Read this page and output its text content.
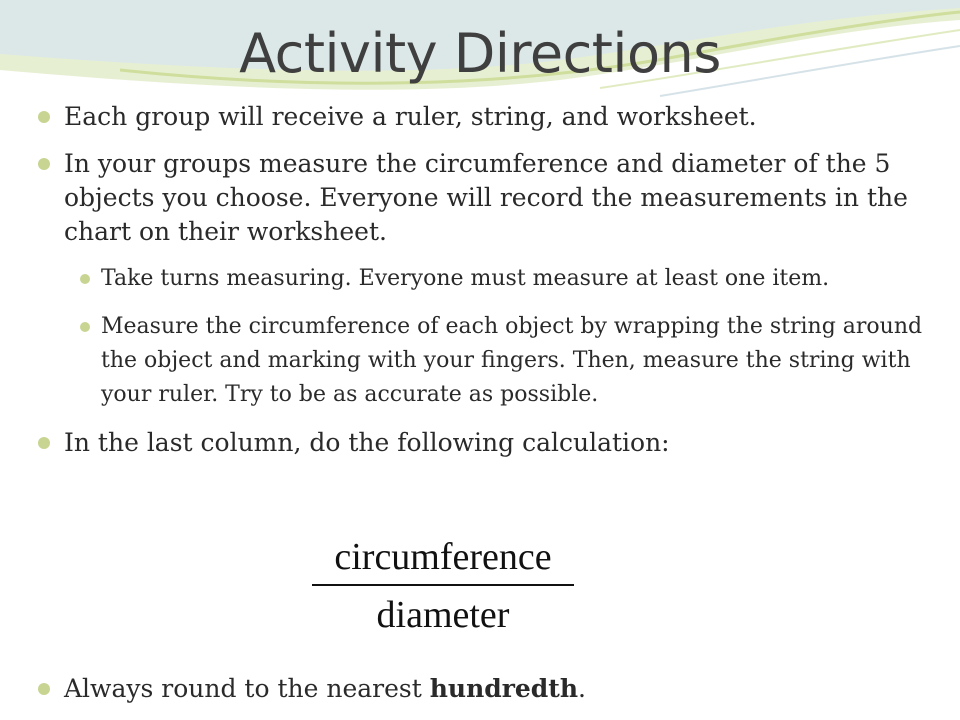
Activity Directions
Each group will receive a ruler, string, and worksheet.
In your groups measure the circumference and diameter of the 5 objects you choose. Everyone will record the measurements in the chart on their worksheet.
Take turns measuring. Everyone must measure at least one item.
Measure the circumference of each object by wrapping the string around the object and marking with your fingers. Then, measure the string with your ruler. Try to be as accurate as possible.
In the last column, do the following calculation:
circumference
diameter
Always round to the nearest hundredth.
